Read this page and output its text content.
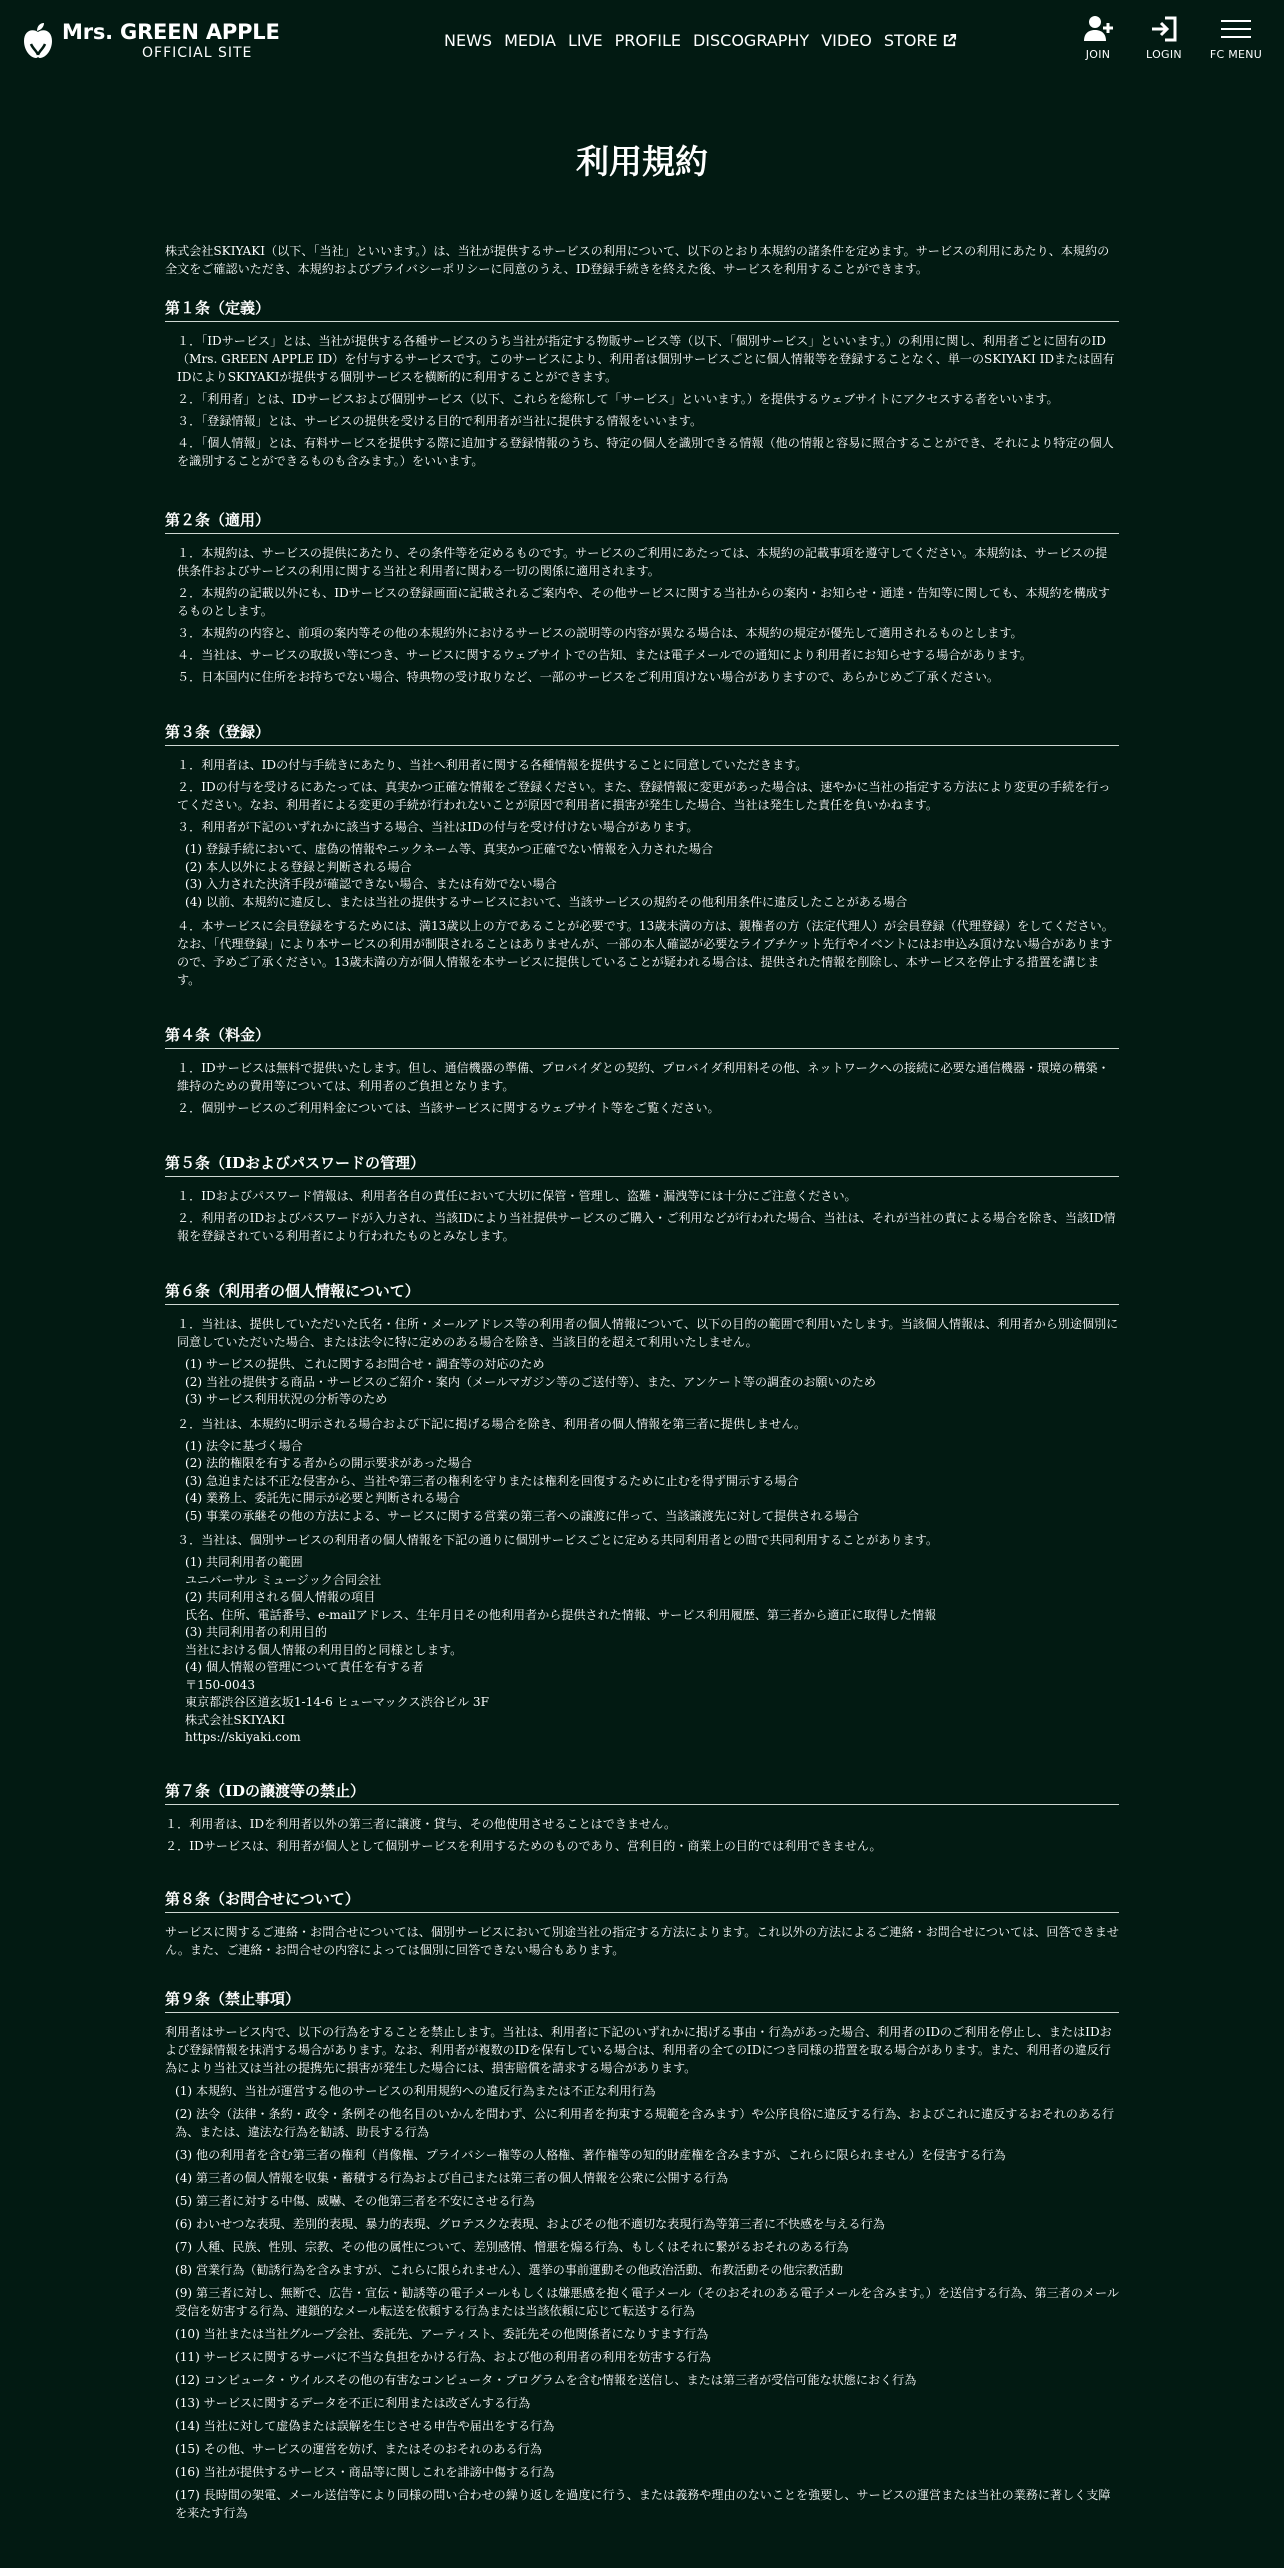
Mrs. GREEN APPLE
OFFICIAL SITE
NEWS MEDIA LIVE PROFILE DISCOGRAPHY VIDEO STORE
JOIN	LOGIN	FC MENU
利用規約

株式会社SKIYAKI（以下、「当社」といいます。）は、当社が提供するサービスの利用について、以下のとおり本規約の諸条件を定めます。サービスの利用にあたり、本規約の全文をご確認いただき、本規約およびプライバシーポリシーに同意のうえ、ID登録手続きを終えた後、サービスを利用することができます。

第１条（定義）
１．「IDサービス」とは、当社が提供する各種サービスのうち当社が指定する物販サービス等（以下、「個別サービス」といいます。）の利用に関し、利用者ごとに固有のID（Mrs. GREEN APPLE ID）を付与するサービスです。このサービスにより、利用者は個別サービスごとに個人情報等を登録することなく、単一のSKIYAKI IDまたは固有IDによりSKIYAKIが提供する個別サービスを横断的に利用することができます。
２．「利用者」とは、IDサービスおよび個別サービス（以下、これらを総称して「サービス」といいます。）を提供するウェブサイトにアクセスする者をいいます。
３．「登録情報」とは、サービスの提供を受ける目的で利用者が当社に提供する情報をいいます。
４．「個人情報」とは、有料サービスを提供する際に追加する登録情報のうち、特定の個人を識別できる情報（他の情報と容易に照合することができ、それにより特定の個人を識別することができるものも含みます。）をいいます。
第２条（適用）
１．本規約は、サービスの提供にあたり、その条件等を定めるものです。サービスのご利用にあたっては、本規約の記載事項を遵守してください。本規約は、サービスの提供条件およびサービスの利用に関する当社と利用者に関わる一切の関係に適用されます。
２．本規約の記載以外にも、IDサービスの登録画面に記載されるご案内や、その他サービスに関する当社からの案内・お知らせ・通達・告知等に関しても、本規約を構成するものとします。
３．本規約の内容と、前項の案内等その他の本規約外におけるサービスの説明等の内容が異なる場合は、本規約の規定が優先して適用されるものとします。
４．当社は、サービスの取扱い等につき、サービスに関するウェブサイトでの告知、または電子メールでの通知により利用者にお知らせする場合があります。
５．日本国内に住所をお持ちでない場合、特典物の受け取りなど、一部のサービスをご利用頂けない場合がありますので、あらかじめご了承ください。
第３条（登録）
１．利用者は、IDの付与手続きにあたり、当社へ利用者に関する各種情報を提供することに同意していただきます。
２．IDの付与を受けるにあたっては、真実かつ正確な情報をご登録ください。また、登録情報に変更があった場合は、速やかに当社の指定する方法により変更の手続を行ってください。なお、利用者による変更の手続が行われないことが原因で利用者に損害が発生した場合、当社は発生した責任を負いかねます。
３．利用者が下記のいずれかに該当する場合、当社はIDの付与を受け付けない場合があります。
(1) 登録手続において、虚偽の情報やニックネーム等、真実かつ正確でない情報を入力された場合
(2) 本人以外による登録と判断される場合
(3) 入力された決済手段が確認できない場合、または有効でない場合
(4) 以前、本規約に違反し、または当社の提供するサービスにおいて、当該サービスの規約その他利用条件に違反したことがある場合
４．本サービスに会員登録をするためには、満13歳以上の方であることが必要です。13歳未満の方は、親権者の方（法定代理人）が会員登録（代理登録）をしてください。なお、「代理登録」により本サービスの利用が制限されることはありませんが、一部の本人確認が必要なライブチケット先行やイベントにはお申込み頂けない場合がありますので、予めご了承ください。13歳未満の方が個人情報を本サービスに提供していることが疑われる場合は、提供された情報を削除し、本サービスを停止する措置を講じます。
第４条（料金）
１．IDサービスは無料で提供いたします。但し、通信機器の準備、プロバイダとの契約、プロバイダ利用料その他、ネットワークへの接続に必要な通信機器・環境の構築・維持のための費用等については、利用者のご負担となります。
２．個別サービスのご利用料金については、当該サービスに関するウェブサイト等をご覧ください。
第５条（IDおよびパスワードの管理）
１．IDおよびパスワード情報は、利用者各自の責任において大切に保管・管理し、盗難・漏洩等には十分にご注意ください。
２．利用者のIDおよびパスワードが入力され、当該IDにより当社提供サービスのご購入・ご利用などが行われた場合、当社は、それが当社の責による場合を除き、当該ID情報を登録されている利用者により行われたものとみなします。
第６条（利用者の個人情報について）
１．当社は、提供していただいた氏名・住所・メールアドレス等の利用者の個人情報について、以下の目的の範囲で利用いたします。当該個人情報は、利用者から別途個別に同意していただいた場合、または法令に特に定めのある場合を除き、当該目的を超えて利用いたしません。
(1) サービスの提供、これに関するお問合せ・調査等の対応のため
(2) 当社の提供する商品・サービスのご紹介・案内（メールマガジン等のご送付等）、また、アンケート等の調査のお願いのため
(3) サービス利用状況の分析等のため
２．当社は、本規約に明示される場合および下記に掲げる場合を除き、利用者の個人情報を第三者に提供しません。
(1) 法令に基づく場合
(2) 法的権限を有する者からの開示要求があった場合
(3) 急迫または不正な侵害から、当社や第三者の権利を守りまたは権利を回復するために止むを得ず開示する場合
(4) 業務上、委託先に開示が必要と判断される場合
(5) 事業の承継その他の方法による、サービスに関する営業の第三者への譲渡に伴って、当該譲渡先に対して提供される場合
３．当社は、個別サービスの利用者の個人情報を下記の通りに個別サービスごとに定める共同利用者との間で共同利用することがあります。
(1) 共同利用者の範囲
ユニバーサル ミュージック合同会社
(2) 共同利用される個人情報の項目
氏名、住所、電話番号、e-mailアドレス、生年月日その他利用者から提供された情報、サービス利用履歴、第三者から適正に取得した情報
(3) 共同利用者の利用目的
当社における個人情報の利用目的と同様とします。
(4) 個人情報の管理について責任を有する者
〒150-0043
東京都渋谷区道玄坂1-14-6 ヒューマックス渋谷ビル 3F
株式会社SKIYAKI
https://skiyaki.com
第７条（IDの譲渡等の禁止）
１．利用者は、IDを利用者以外の第三者に譲渡・貸与、その他使用させることはできません。
２．IDサービスは、利用者が個人として個別サービスを利用するためのものであり、営利目的・商業上の目的では利用できません。
第８条（お問合せについて）

サービスに関するご連絡・お問合せについては、個別サービスにおいて別途当社の指定する方法によります。これ以外の方法によるご連絡・お問合せについては、回答できません。また、ご連絡・お問合せの内容によっては個別に回答できない場合もあります。

第９条（禁止事項）

利用者はサービス内で、以下の行為をすることを禁止します。当社は、利用者に下記のいずれかに掲げる事由・行為があった場合、利用者のIDのご利用を停止し、またはIDおよび登録情報を抹消する場合があります。なお、利用者が複数のIDを保有している場合は、利用者の全てのIDにつき同様の措置を取る場合があります。また、利用者の違反行為により当社又は当社の提携先に損害が発生した場合には、損害賠償を請求する場合があります。

(1) 本規約、当社が運営する他のサービスの利用規約への違反行為または不正な利用行為
(2) 法令（法律・条約・政令・条例その他名目のいかんを問わず、公に利用者を拘束する規範を含みます）や公序良俗に違反する行為、およびこれに違反するおそれのある行為、または、違法な行為を勧誘、助長する行為
(3) 他の利用者を含む第三者の権利（肖像権、プライバシー権等の人格権、著作権等の知的財産権を含みますが、これらに限られません）を侵害する行為
(4) 第三者の個人情報を収集・蓄積する行為および自己または第三者の個人情報を公衆に公開する行為
(5) 第三者に対する中傷、威嚇、その他第三者を不安にさせる行為
(6) わいせつな表現、差別的表現、暴力的表現、グロテスクな表現、およびその他不適切な表現行為等第三者に不快感を与える行為
(7) 人種、民族、性別、宗教、その他の属性について、差別感情、憎悪を煽る行為、もしくはそれに繋がるおそれのある行為
(8) 営業行為（勧誘行為を含みますが、これらに限られません）、選挙の事前運動その他政治活動、布教活動その他宗教活動
(9) 第三者に対し、無断で、広告・宣伝・勧誘等の電子メールもしくは嫌悪感を抱く電子メール（そのおそれのある電子メールを含みます。）を送信する行為、第三者のメール受信を妨害する行為、連鎖的なメール転送を依頼する行為または当該依頼に応じて転送する行為
(10) 当社または当社グループ会社、委託先、アーティスト、委託先その他関係者になりすます行為
(11) サービスに関するサーバに不当な負担をかける行為、および他の利用者の利用を妨害する行為
(12) コンピュータ・ウイルスその他の有害なコンピュータ・プログラムを含む情報を送信し、または第三者が受信可能な状態におく行為
(13) サービスに関するデータを不正に利用または改ざんする行為
(14) 当社に対して虚偽または誤解を生じさせる申告や届出をする行為
(15) その他、サービスの運営を妨げ、またはそのおそれのある行為
(16) 当社が提供するサービス・商品等に関しこれを誹謗中傷する行為
(17) 長時間の架電、メール送信等により同様の問い合わせの繰り返しを過度に行う、または義務や理由のないことを強要し、サービスの運営または当社の業務に著しく支障を来たす行為
